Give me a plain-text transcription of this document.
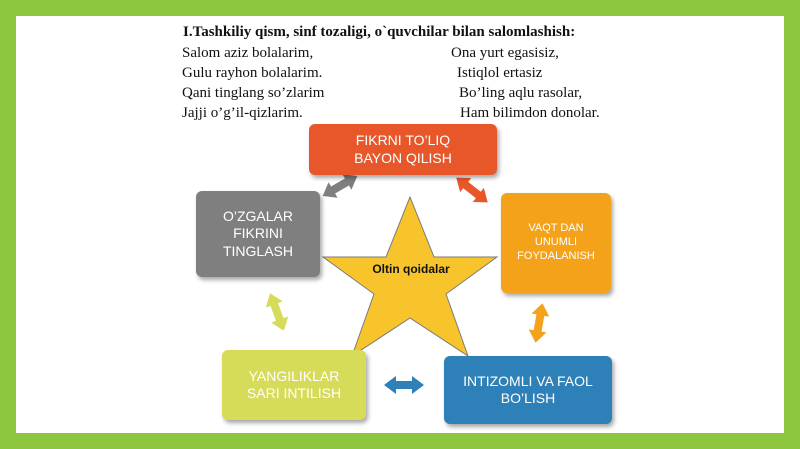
I.Tashkiliy qism, sinf tozaligi, o`quvchilar bilan salomlashish:
Salom aziz bolalarim,
Gulu rayhon bolalarim.
Qani tinglang so’zlarim
Jajji o’g’il-qizlarim.
Ona yurt egasisiz,
Istiqlol ertasiz
Bo’ling aqlu rasolar,
Ham bilimdon donolar.
Oltin qoidalar
FIKRNI TO’LIQ
BAYON QILISH
VAQT DAN
UNUMLI
FOYDALANISH
INTIZOMLI VA FAOL
BO’LISH
YANGILIKLAR
SARI INTILISH
O’ZGALAR
FIKRINI
TINGLASH
